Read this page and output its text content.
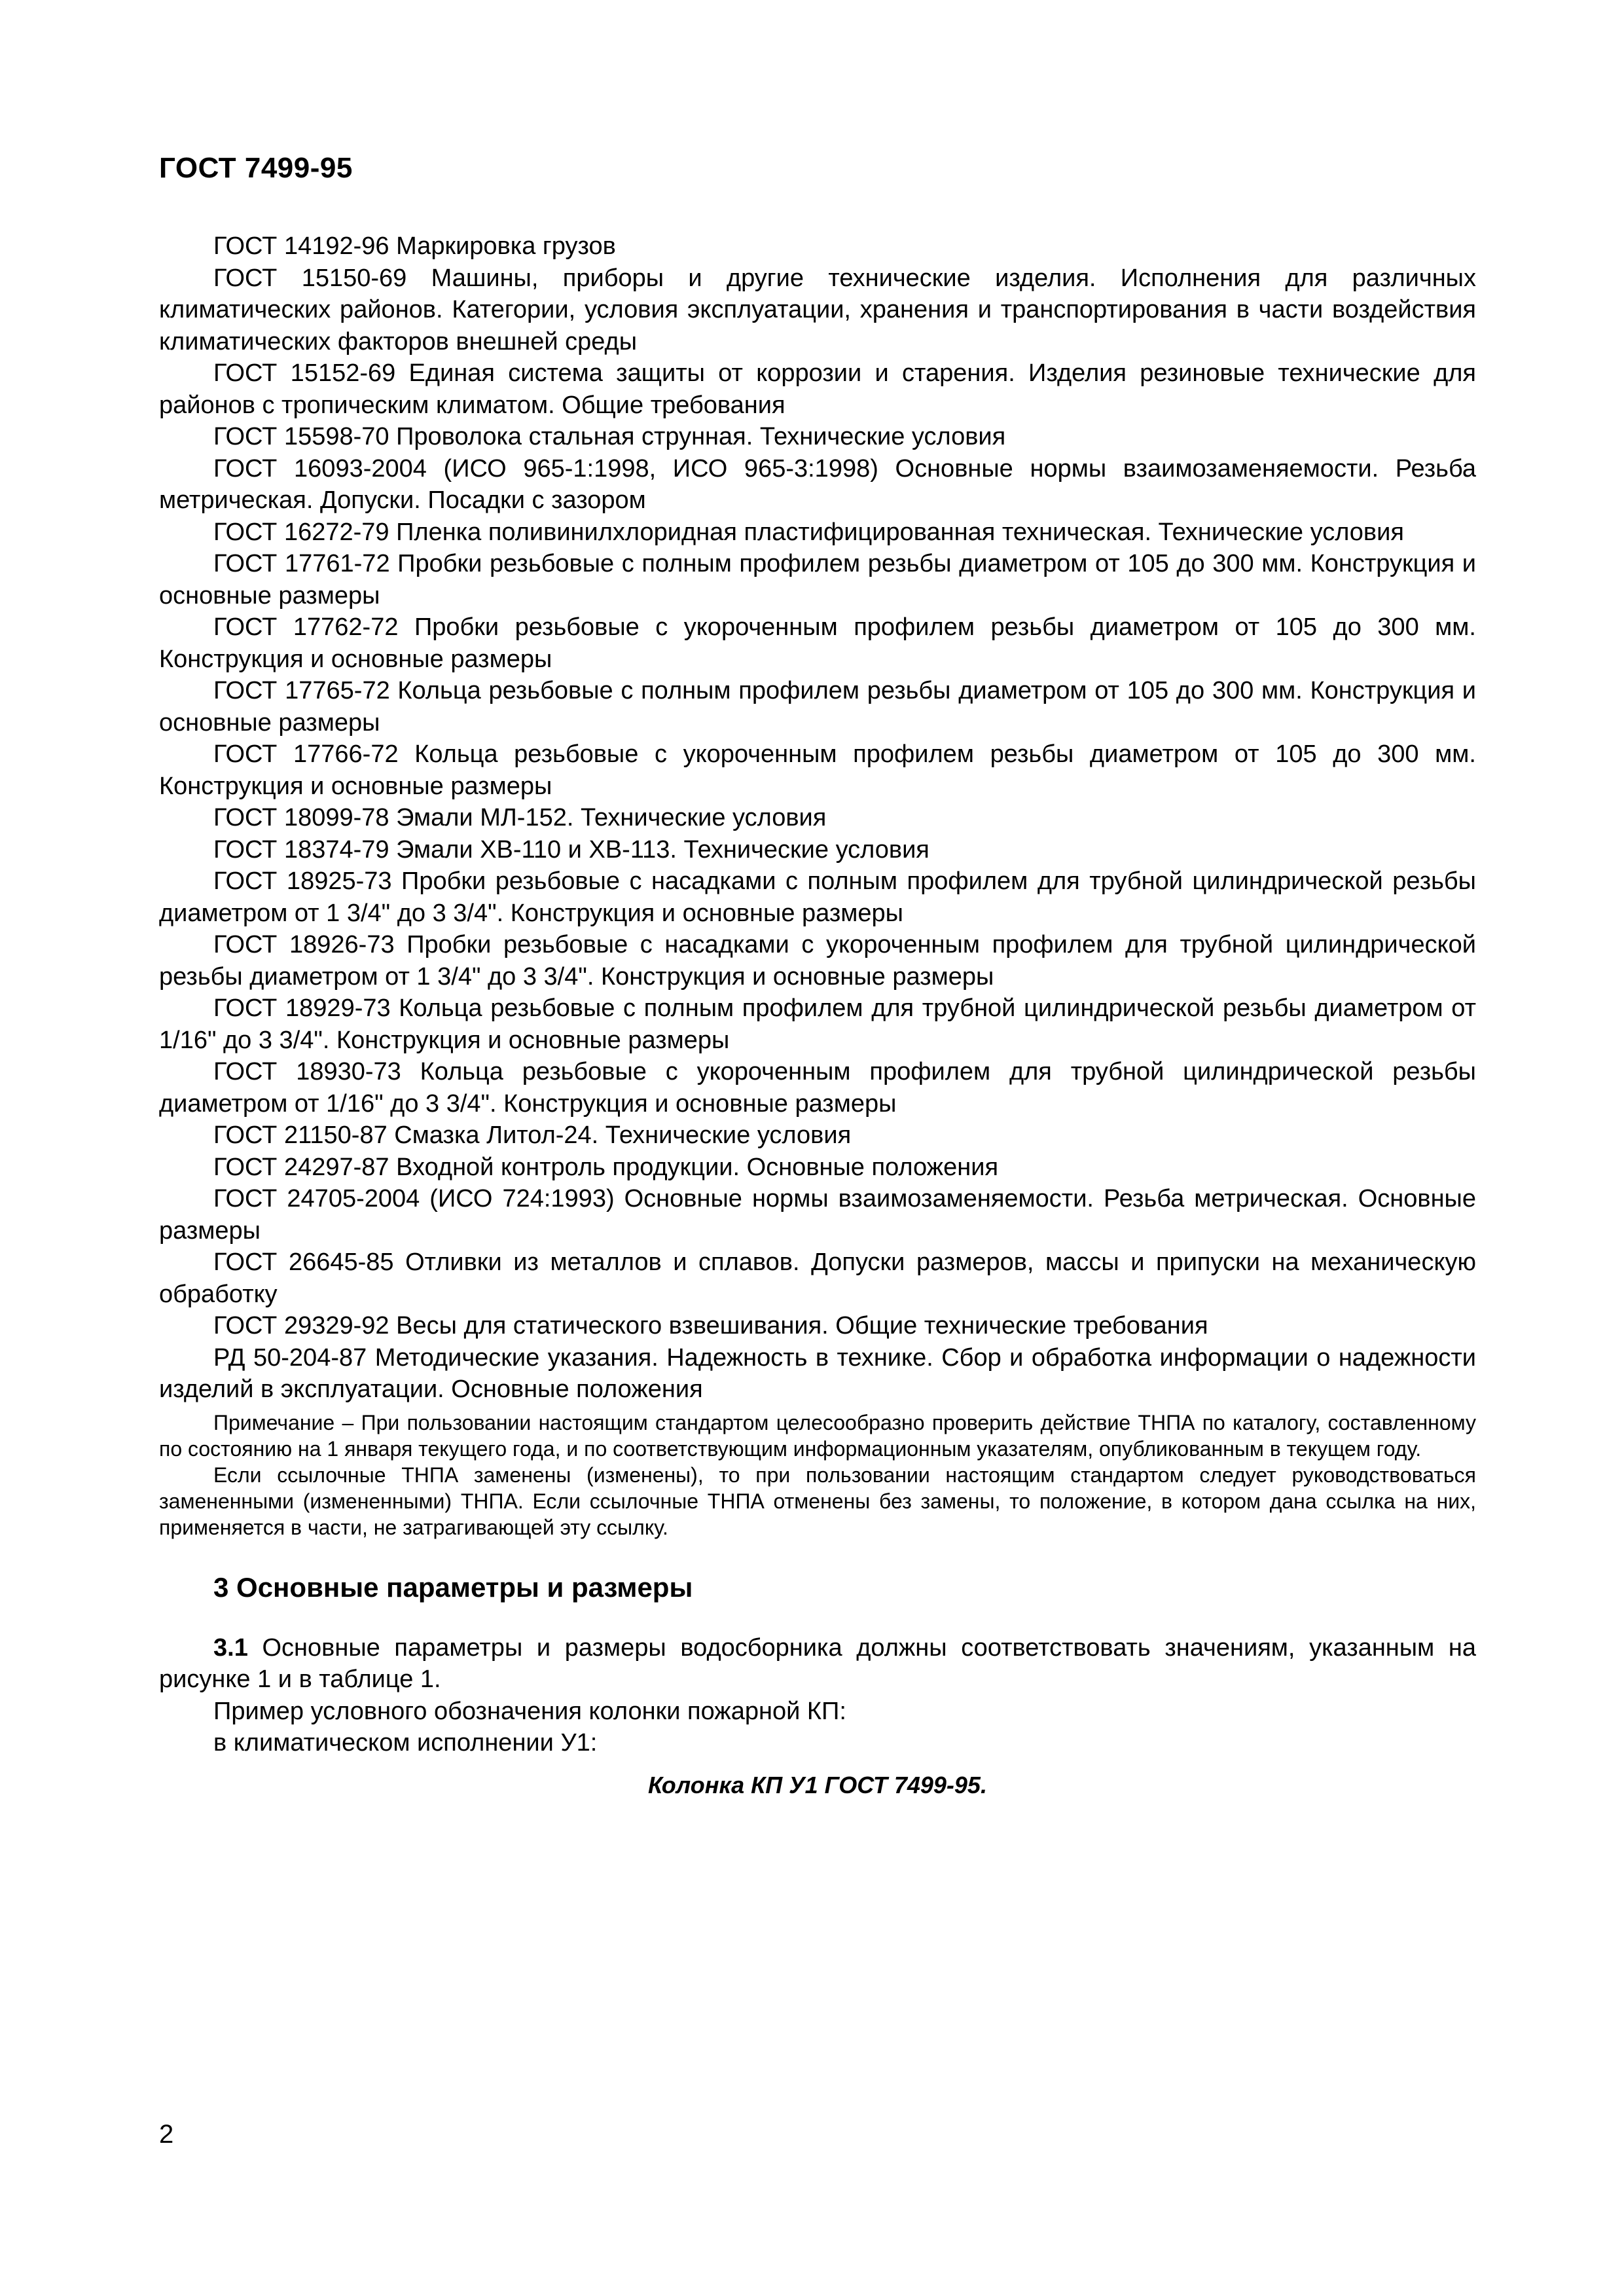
ГОСТ 7499-95

ГОСТ 14192-96 Маркировка грузов

ГОСТ 15150-69 Машины, приборы и другие технические изделия. Исполнения для различных климатических районов. Категории, условия эксплуатации, хранения и транспортирования в части воздействия климатических факторов внешней среды

ГОСТ 15152-69 Единая система защиты от коррозии и старения. Изделия резиновые технические для районов с тропическим климатом. Общие требования

ГОСТ 15598-70 Проволока стальная струнная. Технические условия

ГОСТ 16093-2004 (ИСО 965-1:1998, ИСО 965-3:1998) Основные нормы взаимозаменяемости. Резьба метрическая. Допуски. Посадки с зазором

ГОСТ 16272-79 Пленка поливинилхлоридная пластифицированная техническая. Технические условия

ГОСТ 17761-72 Пробки резьбовые с полным профилем резьбы диаметром от 105 до 300 мм. Конструкция и основные размеры

ГОСТ 17762-72 Пробки резьбовые с укороченным профилем резьбы диаметром от 105 до 300 мм. Конструкция и основные размеры

ГОСТ 17765-72 Кольца резьбовые с полным профилем резьбы диаметром от 105 до 300 мм. Конструкция и основные размеры

ГОСТ 17766-72 Кольца резьбовые с укороченным профилем резьбы диаметром от 105 до 300 мм. Конструкция и основные размеры

ГОСТ 18099-78 Эмали МЛ-152. Технические условия

ГОСТ 18374-79 Эмали ХВ-110 и ХВ-113. Технические условия

ГОСТ 18925-73 Пробки резьбовые с насадками с полным профилем для трубной цилиндрической резьбы диаметром от 1 3/4" до 3 3/4". Конструкция и основные размеры

ГОСТ 18926-73 Пробки резьбовые с насадками с укороченным профилем для трубной цилиндрической резьбы диаметром от 1 3/4" до 3 3/4". Конструкция и основные размеры

ГОСТ 18929-73 Кольца резьбовые с полным профилем для трубной цилиндрической резьбы диаметром от 1/16" до 3 3/4". Конструкция и основные размеры

ГОСТ 18930-73 Кольца резьбовые с укороченным профилем для трубной цилиндрической резьбы диаметром от 1/16" до 3 3/4". Конструкция и основные размеры

ГОСТ 21150-87 Смазка Литол-24. Технические условия

ГОСТ 24297-87 Входной контроль продукции. Основные положения

ГОСТ 24705-2004 (ИСО 724:1993) Основные нормы взаимозаменяемости. Резьба метрическая. Основные размеры

ГОСТ 26645-85 Отливки из металлов и сплавов. Допуски размеров, массы и припуски на механическую обработку

ГОСТ 29329-92 Весы для статического взвешивания. Общие технические требования

РД 50-204-87 Методические указания. Надежность в технике. Сбор и обработка информации о надежности изделий в эксплуатации. Основные положения

Примечание – При пользовании настоящим стандартом целесообразно проверить действие ТНПА по каталогу, составленному по состоянию на 1 января текущего года, и по соответствующим информационным указателям, опубликованным в текущем году.

Если ссылочные ТНПА заменены (изменены), то при пользовании настоящим стандартом следует руководствоваться замененными (измененными) ТНПА. Если ссылочные ТНПА отменены без замены, то положение, в котором дана ссылка на них, применяется в части, не затрагивающей эту ссылку.

3 Основные параметры и размеры

3.1 Основные параметры и размеры водосборника должны соответствовать значениям, указанным на рисунке 1 и в таблице 1.

Пример условного обозначения колонки пожарной КП:

в климатическом исполнении У1:

Колонка КП У1 ГОСТ 7499-95.
2
